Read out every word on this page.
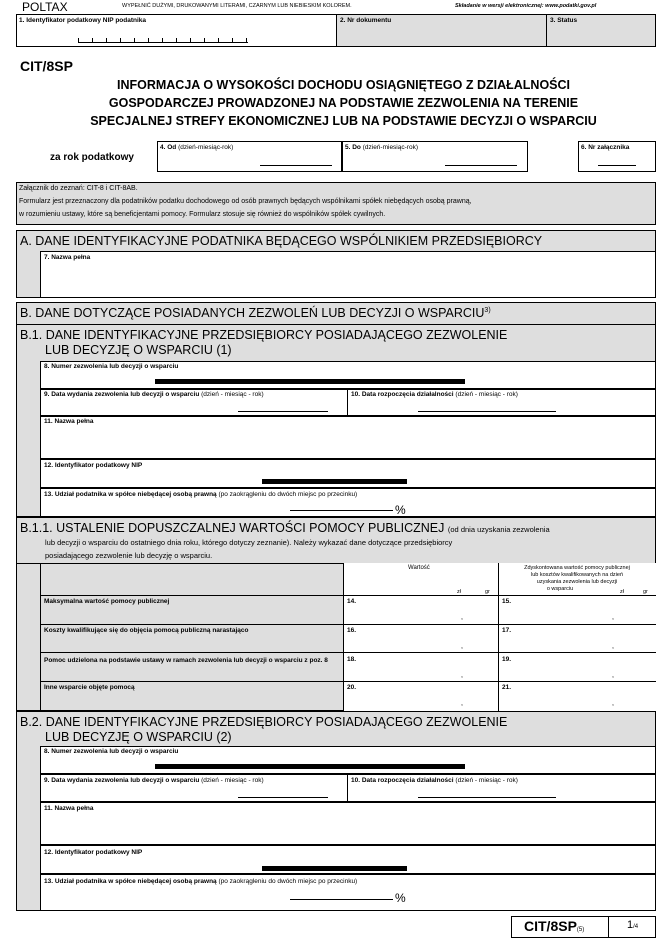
POLTAX	WYPEŁNIĆ DUŻYMI, DRUKOWANYMI LITERAMI, CZARNYM LUB NIEBIESKIM KOLOREM.	Składanie w wersji elektronicznej: www.podatki.gov.pl
1. Identyfikator podatkowy NIP podatnika	2. Nr dokumentu	3. Status
CIT/8SP
INFORMACJA O WYSOKOŚCI DOCHODU OSIĄGNIĘTEGO Z DZIAŁALNOŚCI
GOSPODARCZEJ PROWADZONEJ NA PODSTAWIE ZEZWOLENIA NA TERENIE
SPECJALNEJ STREFY EKONOMICZNEJ LUB NA PODSTAWIE DECYZJI O WSPARCIU
za rok podatkowy
4. Od (dzień-miesiąc-rok)	5. Do (dzień-miesiąc-rok)	6. Nr załącznika
Załącznik do zeznań: CIT-8 i CIT-8AB.
Formularz jest przeznaczony dla podatników podatku dochodowego od osób prawnych będących wspólnikami spółek niebędących osobą prawną,
w rozumieniu ustawy, które są beneficjentami pomocy. Formularz stosuje się również do wspólników spółek cywilnych.
A. DANE IDENTYFIKACYJNE PODATNIKA BĘDĄCEGO WSPÓLNIKIEM PRZEDSIĘBIORCY
7. Nazwa pełna
B. DANE DOTYCZĄCE POSIADANYCH ZEZWOLEŃ LUB DECYZJI O WSPARCIU$^{3)}$
B.1. DANE IDENTYFIKACYJNE PRZEDSIĘBIORCY POSIADAJĄCEGO ZEZWOLENIE
LUB DECYZJĘ O WSPARCIU (1)
8. Numer zezwolenia lub decyzji o wsparciu
9. Data wydania zezwolenia lub decyzji o wsparciu (dzień - miesiąc - rok)	10. Data rozpoczęcia działalności (dzień - miesiąc - rok)
11. Nazwa pełna
12. Identyfikator podatkowy NIP
13. Udział podatnika w spółce niebędącej osobą prawną (po zaokrągleniu do dwóch miejsc po przecinku)
%
B.1.1. USTALENIE DOPUSZCZALNEJ WARTOŚCI POMOCY PUBLICZNEJ (od dnia uzyskania zezwolenia
lub decyzji o wsparciu do ostatniego dnia roku, którego dotyczy zeznanie). Należy wykazać dane dotyczące przedsiębiorcy
posiadającego zezwolenie lub decyzję o wsparciu.
Wartość	Zdyskontowana wartość pomocy publicznej
lub kosztów kwalifikowanych na dzień
uzyskania zezwolenia lub decyzji
o wsparciu
zł	gr	zł	gr
Maksymalna wartość pomocy publicznej	14.	15.
,	,
Koszty kwalifikujące się do objęcia pomocą publiczną narastająco	16.	17.
,	,
Pomoc udzielona na podstawie ustawy w ramach zezwolenia lub decyzji o wsparciu z poz. 8	18.	19.
,	,
Inne wsparcie objęte pomocą	20.	21.
,	,
B.2. DANE IDENTYFIKACYJNE PRZEDSIĘBIORCY POSIADAJĄCEGO ZEZWOLENIE
LUB DECYZJĘ O WSPARCIU (2)
8. Numer zezwolenia lub decyzji o wsparciu
9. Data wydania zezwolenia lub decyzji o wsparciu (dzień - miesiąc - rok)	10. Data rozpoczęcia działalności (dzień - miesiąc - rok)
11. Nazwa pełna
12. Identyfikator podatkowy NIP
13. Udział podatnika w spółce niebędącej osobą prawną (po zaokrągleniu do dwóch miejsc po przecinku)
%
CIT/8SP(5)	1/4
